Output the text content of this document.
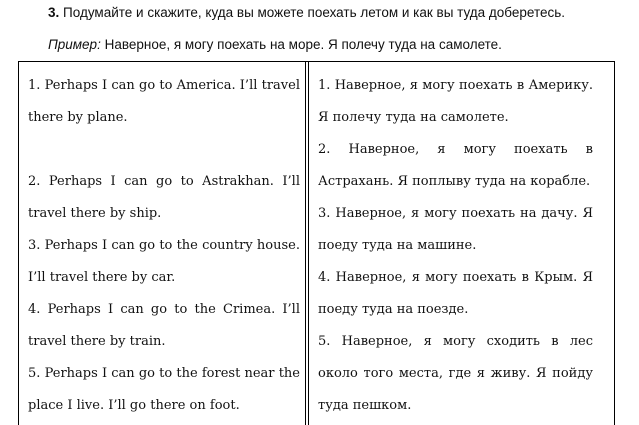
3. Подумайте и скажите, куда вы можете поехать летом и как вы туда доберетесь.
Пример: Наверное, я могу поехать на море. Я полечу туда на самолете.

1. Perhaps I can go to America. I’ll travel there by plane.

2. Perhaps I can go to Astrakhan. I’ll travel there by ship.

3. Perhaps I can go to the country house. I’ll travel there by car.

4. Perhaps I can go to the Crimea. I’ll travel there by train.

5. Perhaps I can go to the forest near the place I live. I’ll go there on foot.

1. Наверное, я могу поехать в Америку. Я полечу туда на самолете.

2. Наверное, я могу поехать в Астрахань. Я поплыву туда на корабле.

3. Наверное, я могу поехать на дачу. Я поеду туда на машине.

4. Наверное, я могу поехать в Крым. Я поеду туда на поезде.

5. Наверное, я могу сходить в лес около того места, где я живу. Я пойду туда пешком.
